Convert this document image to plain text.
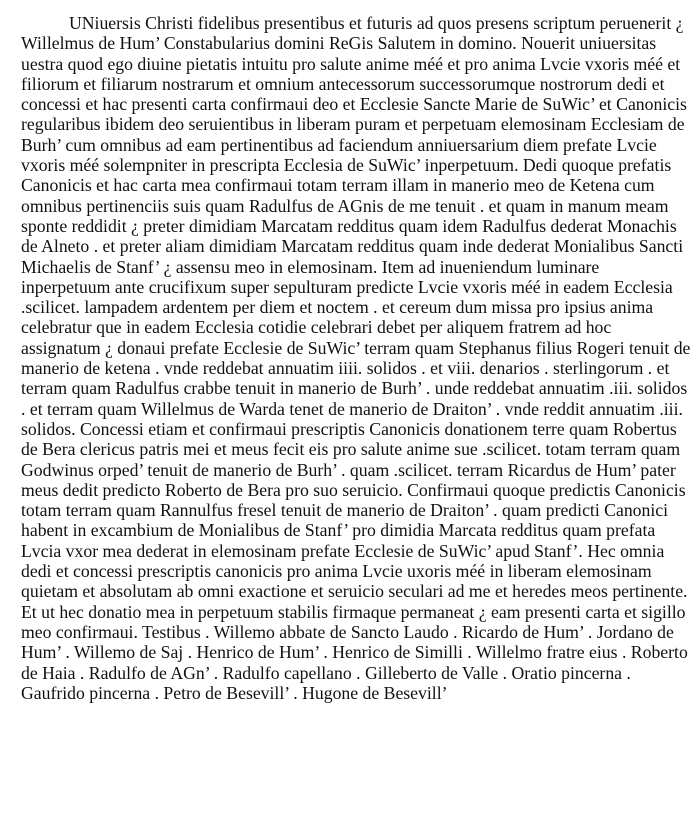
UNiuersis Christi fidelibus presentibus et futuris ad quos presens scriptum peruenerit ¿ Willelmus de Hum’ Constabularius domini ReGis Salutem in domino. Nouerit uniuersitas uestra quod ego diuine pietatis intuitu pro salute anime méé et pro anima Lvcie vxoris méé et filiorum et filiarum nostrarum et omnium antecessorum successorumque nostrorum dedi et concessi et hac presenti carta confirmaui deo et Ecclesie Sancte Marie de SuWic’ et Canonicis regularibus ibidem deo seruientibus in liberam puram et perpetuam elemosinam Ecclesiam de Burh’ cum omnibus ad eam pertinentibus ad faciendum anniuersarium diem prefate Lvcie vxoris méé solempniter in prescripta Ecclesia de SuWic’ inperpetuum. Dedi quoque prefatis Canonicis et hac carta mea confirmaui totam terram illam in manerio meo de Ketena cum omnibus pertinenciis suis quam Radulfus de AGnis de me tenuit . et quam in manum meam sponte reddidit ¿ preter dimidiam Marcatam redditus quam idem Radulfus dederat Monachis de Alneto . et preter aliam dimidiam Marcatam redditus quam inde dederat Monialibus Sancti Michaelis de Stanf’ ¿ assensu meo in elemosinam. Item ad inueniendum luminare inperpetuum ante crucifixum super sepulturam predicte Lvcie vxoris méé in eadem Ecclesia .scilicet. lampadem ardentem per diem et noctem . et cereum dum missa pro ipsius anima celebratur que in eadem Ecclesia cotidie celebrari debet per aliquem fratrem ad hoc assignatum ¿ donaui prefate Ecclesie de SuWic’ terram quam Stephanus filius Rogeri tenuit de manerio de ketena . vnde reddebat annuatim iiii. solidos . et viii. denarios . sterlingorum . et terram quam Radulfus crabbe tenuit in manerio de Burh’ . unde reddebat annuatim .iii. solidos . et terram quam Willelmus de Warda tenet de manerio de Draiton’ . vnde reddit annuatim .iii. solidos. Concessi etiam et confirmaui prescriptis Canonicis donationem terre quam Robertus de Bera clericus patris mei et meus fecit eis pro salute anime sue .scilicet. totam terram quam Godwinus orped’ tenuit de manerio de Burh’ . quam .scilicet. terram Ricardus de Hum’ pater meus dedit predicto Roberto de Bera pro suo seruicio. Confirmaui quoque predictis Canonicis totam terram quam Rannulfus fresel tenuit de manerio de Draiton’ . quam predicti Canonici habent in excambium de Monialibus de Stanf’ pro dimidia Marcata redditus quam prefata Lvcia vxor mea dederat in elemosinam prefate Ecclesie de SuWic’ apud Stanf’. Hec omnia dedi et concessi prescriptis canonicis pro anima Lvcie uxoris méé in liberam elemosinam quietam et absolutam ab omni exactione et seruicio seculari ad me et heredes meos pertinente. Et ut hec donatio mea in perpetuum stabilis firmaque permaneat ¿ eam presenti carta et sigillo meo confirmaui. Testibus . Willemo abbate de Sancto Laudo . Ricardo de Hum’ . Jordano de Hum’ . Willemo de Saj . Henrico de Hum’ . Henrico de Similli . Willelmo fratre eius . Roberto de Haia . Radulfo de AGn’ . Radulfo capellano . Gilleberto de Valle . Oratio pincerna . Gaufrido pincerna . Petro de Besevill’ . Hugone de Besevill’
